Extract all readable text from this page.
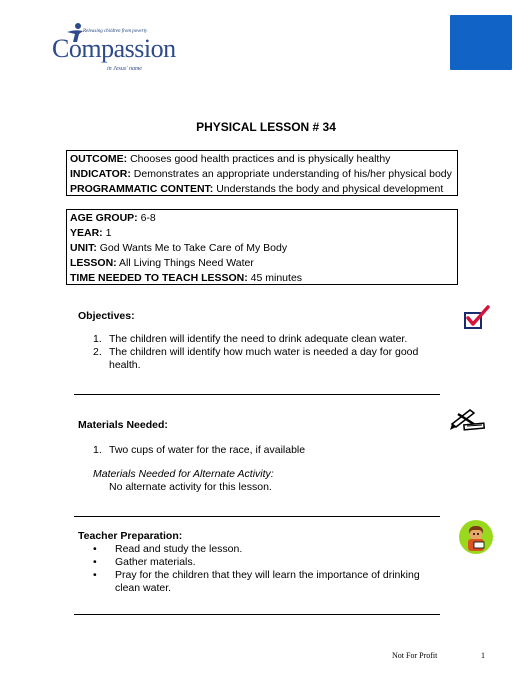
Releasing children from poverty
Compassion
in Jesus' name
PHYSICAL LESSON # 34
OUTCOME: Chooses good health practices and is physically healthy
INDICATOR: Demonstrates an appropriate understanding of his/her physical body
PROGRAMMATIC CONTENT: Understands the body and physical development
AGE GROUP: 6-8
YEAR: 1
UNIT: God Wants Me to Take Care of My Body
LESSON: All Living Things Need Water
TIME NEEDED TO TEACH LESSON: 45 minutes
Objectives:
1. The children will identify the need to drink adequate clean water.
2. The children will identify how much water is needed a day for good
health.
Materials Needed:
1. Two cups of water for the race, if available
Materials Needed for Alternate Activity:
No alternate activity for this lesson.
Teacher Preparation:
• Read and study the lesson.
• Gather materials.
• Pray for the children that they will learn the importance of drinking
clean water.
Not For Profit	1
